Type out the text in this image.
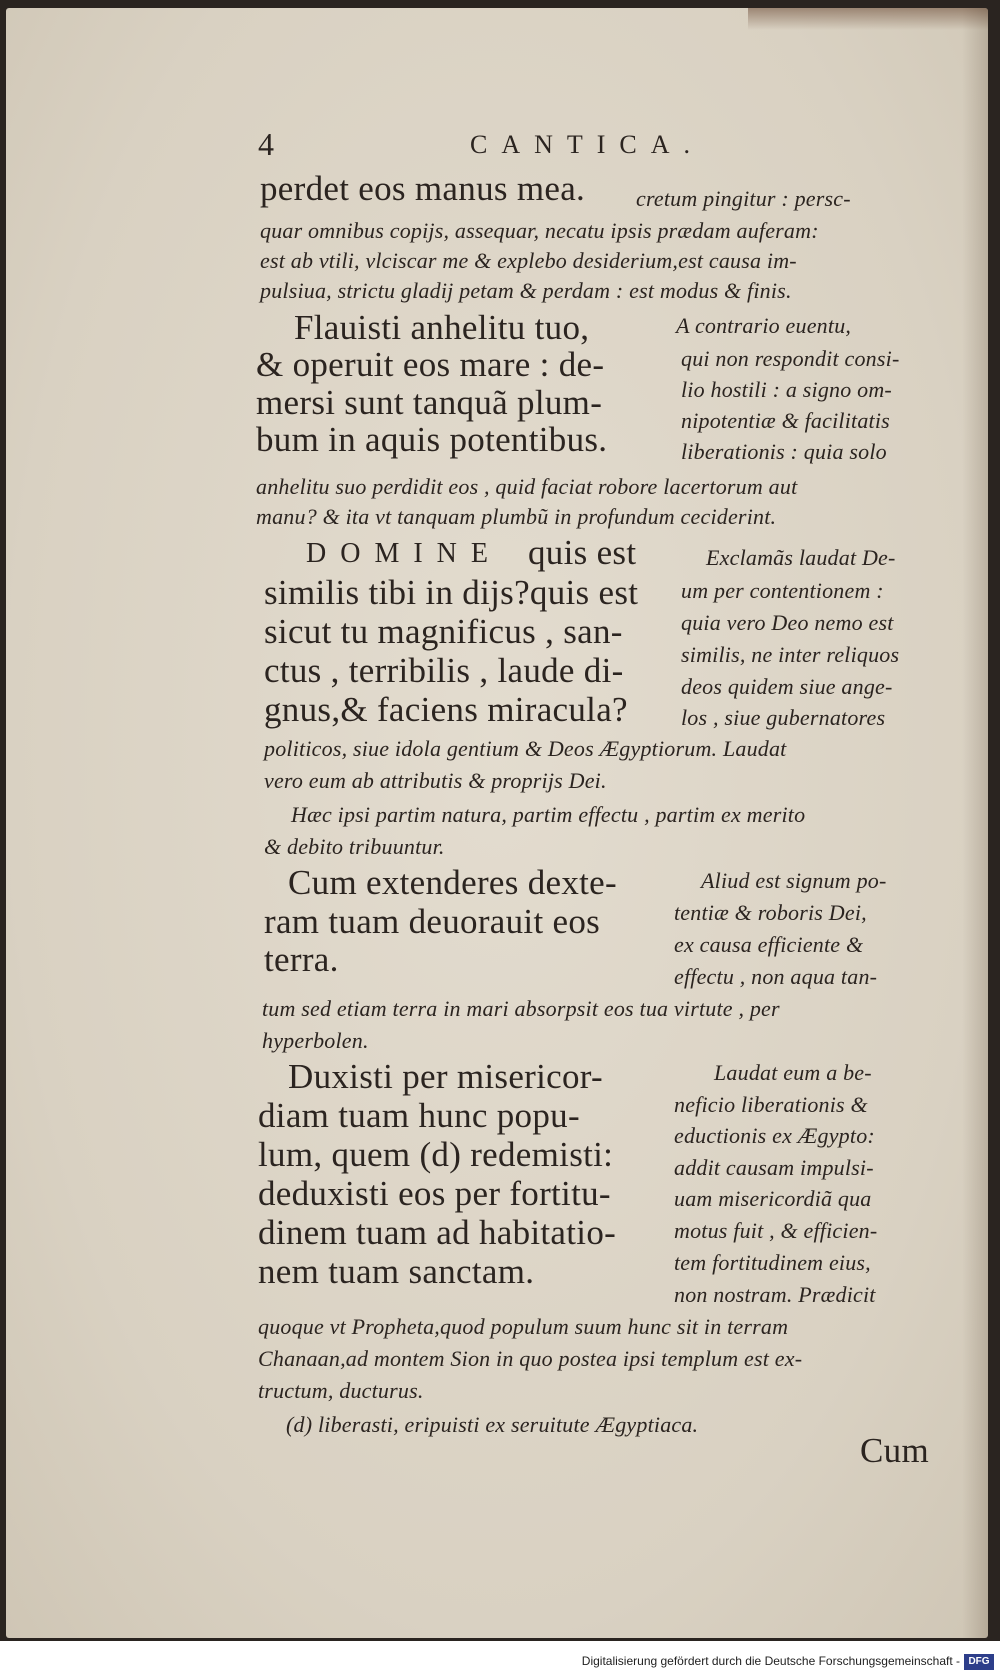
4	CANTICA.
perdet eos manus mea. cretum pingitur : persc-
quar omnibus copijs, assequar, necatu ipsis prædam auferam:
est ab vtili, vlciscar me & explebo desiderium,est causa im-
pulsiua, strictu gladij petam & perdam : est modus & finis.
Flauisti anhelitu tuo,
& operuit eos mare : de-
mersi sunt tanquã plum-
bum in aquis potentibus.
A contrario euentu,
qui non respondit consi-
lio hostili : a signo om-
nipotentiæ & facilitatis
liberationis : quia solo
anhelitu suo perdidit eos , quid faciat robore lacertorum aut
manu? & ita vt tanquam plumbũ in profundum ceciderint.
DOMINE quis est
similis tibi in dijs?quis est
sicut tu magnificus , san-
ctus , terribilis , laude di-
gnus,& faciens miracula?
Exclamãs laudat De-
um per contentionem :
quia vero Deo nemo est
similis, ne inter reliquos
deos quidem siue ange-
los , siue gubernatores
politicos, siue idola gentium & Deos Ægyptiorum. Laudat
vero eum ab attributis & proprijs Dei.
Hæc ipsi partim natura, partim effectu , partim ex merito
& debito tribuuntur.
Cum extenderes dexte-
ram tuam deuorauit eos
terra.
Aliud est signum po-
tentiæ & roboris Dei,
ex causa efficiente &
effectu , non aqua tan-
tum sed etiam terra in mari absorpsit eos tua virtute , per
hyperbolen.
Duxisti per misericor-
diam tuam hunc popu-
lum, quem (d) redemisti:
deduxisti eos per fortitu-
dinem tuam ad habitatio-
nem tuam sanctam.
Laudat eum a be-
neficio liberationis &
eductionis ex Ægypto:
addit causam impulsi-
uam misericordiã qua
motus fuit , & efficien-
tem fortitudinem eius,
non nostram. Prædicit
quoque vt Propheta,quod populum suum hunc sit in terram
Chanaan,ad montem Sion in quo postea ipsi templum est ex-
tructum, ducturus.
(d) liberasti, eripuisti ex seruitute Ægyptiaca.
Cum
Digitalisierung gefördert durch die Deutsche Forschungsgemeinschaft - DFG
